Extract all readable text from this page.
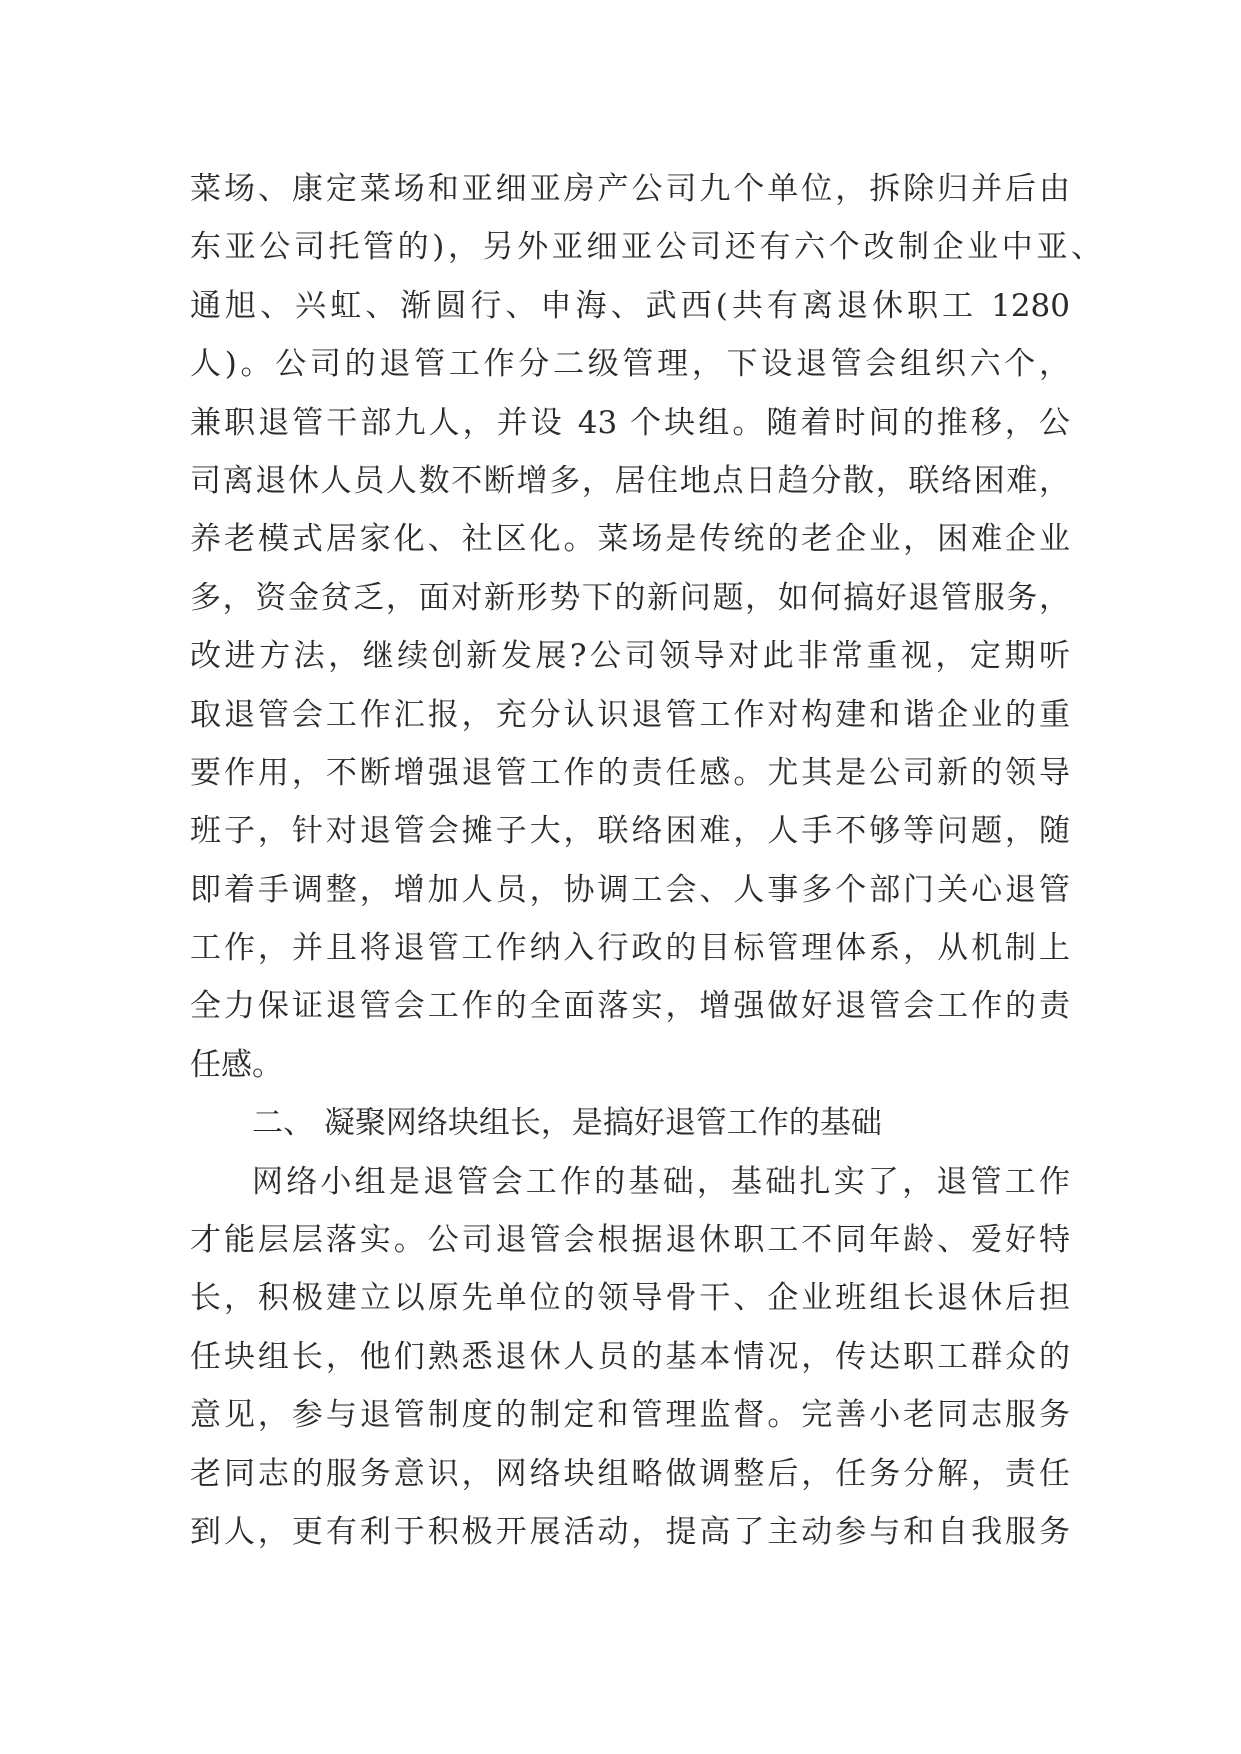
菜场、康定菜场和亚细亚房产公司九个单位，拆除归并后由
东亚公司托管的)，另外亚细亚公司还有六个改制企业中亚、
通旭、兴虹、渐圆行、申海、武西(共有离退休职工 1280
人)。公司的退管工作分二级管理，下设退管会组织六个，
兼职退管干部九人，并设 43 个块组。随着时间的推移，公
司离退休人员人数不断增多，居住地点日趋分散，联络困难，
养老模式居家化、社区化。菜场是传统的老企业，困难企业
多，资金贫乏，面对新形势下的新问题，如何搞好退管服务，
改进方法，继续创新发展?公司领导对此非常重视，定期听
取退管会工作汇报，充分认识退管工作对构建和谐企业的重
要作用，不断增强退管工作的责任感。尤其是公司新的领导
班子，针对退管会摊子大，联络困难，人手不够等问题，随
即着手调整，增加人员，协调工会、人事多个部门关心退管
工作，并且将退管工作纳入行政的目标管理体系，从机制上
全力保证退管会工作的全面落实，增强做好退管会工作的责
任感。
二、 凝聚网络块组长，是搞好退管工作的基础
网络小组是退管会工作的基础，基础扎实了，退管工作
才能层层落实。公司退管会根据退休职工不同年龄、爱好特
长，积极建立以原先单位的领导骨干、企业班组长退休后担
任块组长，他们熟悉退休人员的基本情况，传达职工群众的
意见，参与退管制度的制定和管理监督。完善小老同志服务
老同志的服务意识，网络块组略做调整后，任务分解，责任
到人，更有利于积极开展活动，提高了主动参与和自我服务
